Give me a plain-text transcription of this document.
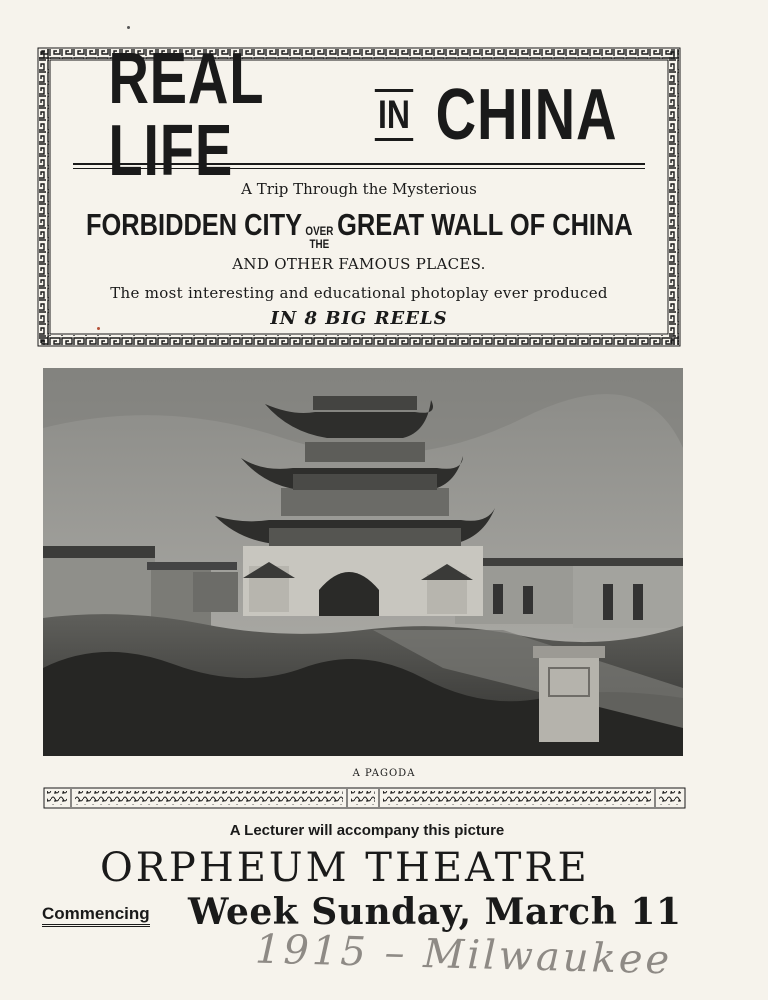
REAL LIFE	IN CHINA
A Trip Through the Mysterious
FORBIDDEN CITY OVER
THE
GREAT WALL OF CHINA
AND OTHER FAMOUS PLACES.
The most interesting and educational photoplay ever produced
IN 8 BIG REELS
A PAGODA
A Lecturer will accompany this picture
ORPHEUM THEATRE
Commencing Week Sunday, March 11
1915 – Milwaukee
